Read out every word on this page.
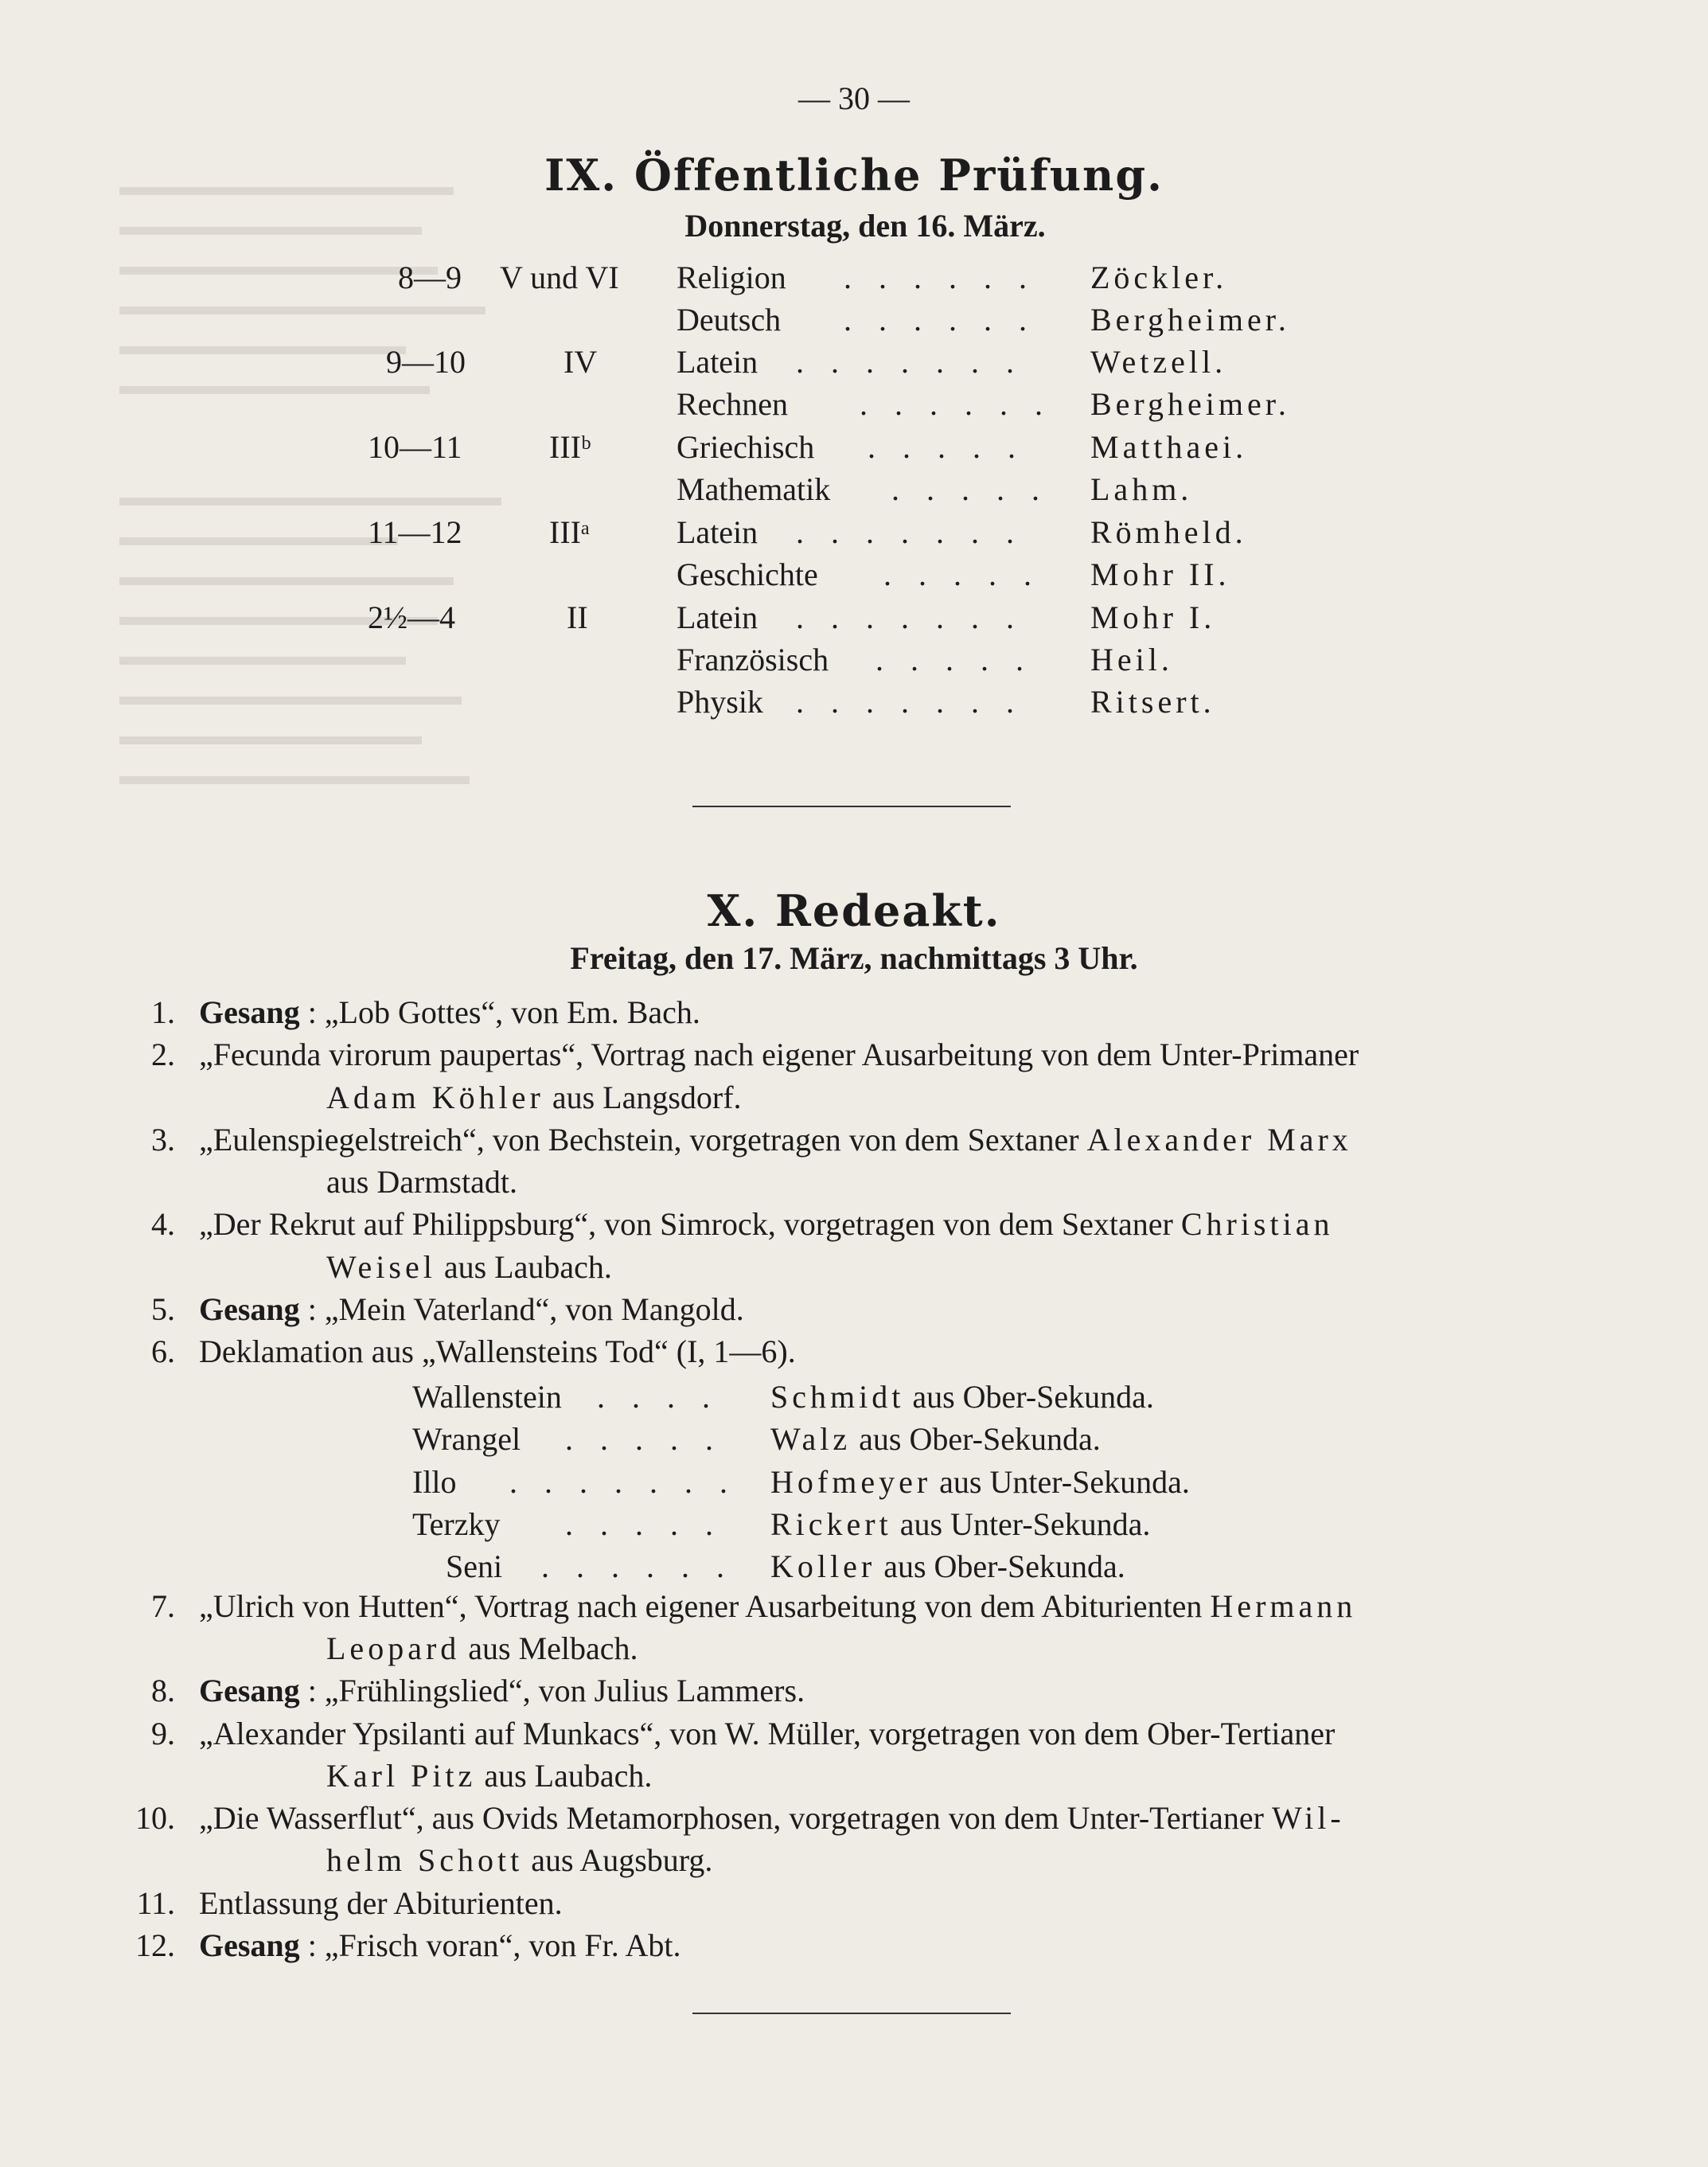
— 30 —
IX. Öffentliche Prüfung.
Donnerstag, den 16. März.
8—9 V und VI Religion . . . . . . Zöckler.
Deutsch . . . . . . Bergheimer.
9—10	IV Latein . . . . . . . Wetzell.
Rechnen . . . . . . Bergheimer.
10—11	IIIᵇ	Griechisch . . . . . Matthaei.
Mathematik . . . . . Lahm.
11—12	IIIᵃ	Latein . . . . . . . Römheld.
Geschichte . . . . . Mohr II.
2½—4	II	Latein . . . . . . . Mohr I.
Französisch . . . . . Heil.
Physik . . . . . . . Ritsert.
X. Redeakt.
Freitag, den 17. März, nachmittags 3 Uhr.
1. Gesang : „Lob Gottes“, von Em. Bach.
2. „Fecunda virorum paupertas“, Vortrag nach eigener Ausarbeitung von dem Unter-Primaner
Adam Köhler aus Langsdorf.
3. „Eulenspiegelstreich“, von Bechstein, vorgetragen von dem Sextaner Alexander Marx
aus Darmstadt.
4. „Der Rekrut auf Philippsburg“, von Simrock, vorgetragen von dem Sextaner Christian
Weisel aus Laubach.
5. Gesang : „Mein Vaterland“, von Mangold.
6. Deklamation aus „Wallensteins Tod“ (I, 1—6).
7. „Ulrich von Hutten“, Vortrag nach eigener Ausarbeitung von dem Abiturienten Hermann
Leopard aus Melbach.
8. Gesang : „Frühlingslied“, von Julius Lammers.
9. „Alexander Ypsilanti auf Munkacs“, von W. Müller, vorgetragen von dem Ober-Tertianer
Karl Pitz aus Laubach.
10. „Die Wasserflut“, aus Ovids Metamorphosen, vorgetragen von dem Unter-Tertianer Wil-
helm Schott aus Augsburg.
11. Entlassung der Abiturienten.
12. Gesang : „Frisch voran“, von Fr. Abt.
Wallenstein . . . . Schmidt aus Ober-Sekunda.
Wrangel . . . . . Walz aus Ober-Sekunda.
Illo . . . . . . . Hofmeyer aus Unter-Sekunda.
Terzky . . . . . Rickert aus Unter-Sekunda.
Seni . . . . . . Koller aus Ober-Sekunda.
